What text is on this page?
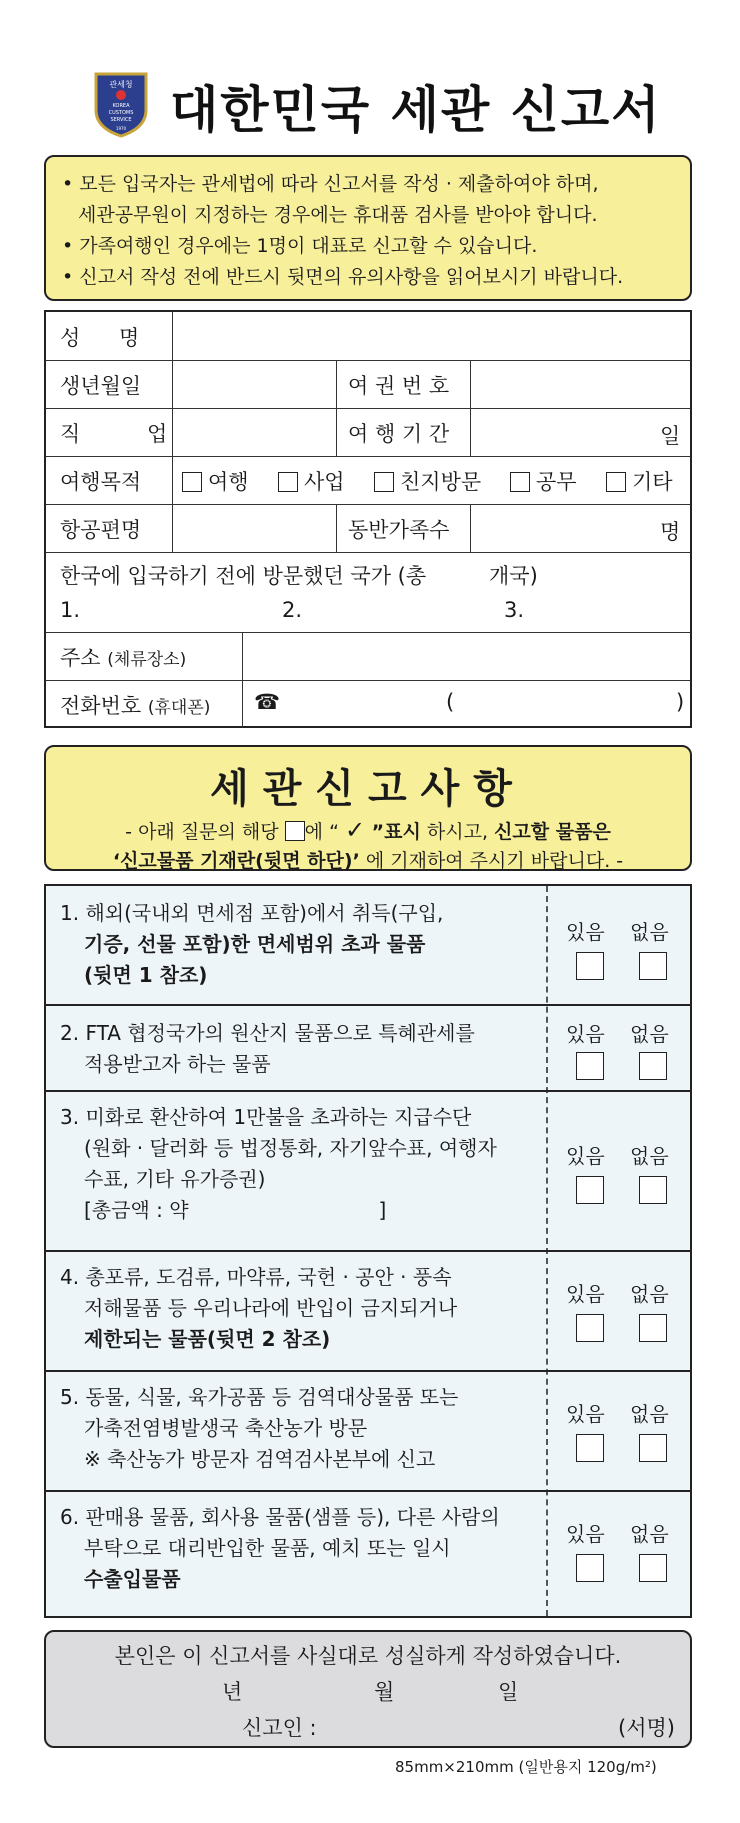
관세청
KOREA
CUSTOMS
SERVICE
1970 대한민국 세관 신고서
• 모든 입국자는 관세법에 따라 신고서를 작성 · 제출하여야 하며,
세관공무원이 지정하는 경우에는 휴대품 검사를 받아야 합니다.
• 가족여행인 경우에는 1명이 대표로 신고할 수 있습니다.
• 신고서 작성 전에 반드시 뒷면의 유의사항을 읽어보시기 바랍니다.
성 명
생년월일	여 권 번 호
직 업	여 행 기 간	일
여행목적	여행	사업	친지방문	공무	기타
항공편명	동반가족수	명
한국에 입국하기 전에 방문했던 국가 (총	개국)
1.	2.	3.
주소 (체류장소)
전화번호 (휴대폰) ☎	(	)
세관신고사항
- 아래 질문의 해당 에 “ ✓ ”표시 하시고, 신고할 물품은
‘신고물품 기재란(뒷면 하단)’ 에 기재하여 주시기 바랍니다. -
1. 해외(국내외 면세점 포함)에서 취득(구입,
기증, 선물 포함)한 면세범위 초과 물품
(뒷면 1 참조)
있음 없음
2. FTA 협정국가의 원산지 물품으로 특혜관세를
적용받고자 하는 물품
있음 없음
3. 미화로 환산하여 1만불을 초과하는 지급수단
(원화 · 달러화 등 법정통화, 자기앞수표, 여행자
수표, 기타 유가증권)
[총금액 : 약	]
있음 없음
4. 총포류, 도검류, 마약류, 국헌 · 공안 · 풍속
저해물품 등 우리나라에 반입이 금지되거나
제한되는 물품(뒷면 2 참조)
있음 없음
5. 동물, 식물, 육가공품 등 검역대상물품 또는
가축전염병발생국 축산농가 방문
※ 축산농가 방문자 검역검사본부에 신고
있음 없음
6. 판매용 물품, 회사용 물품(샘플 등), 다른 사람의
부탁으로 대리반입한 물품, 예치 또는 일시
수출입물품
있음 없음
본인은 이 신고서를 사실대로 성실하게 작성하였습니다.
년	월	일
신고인 :	(서명)
85mm×210mm (일반용지 120g/m²)
